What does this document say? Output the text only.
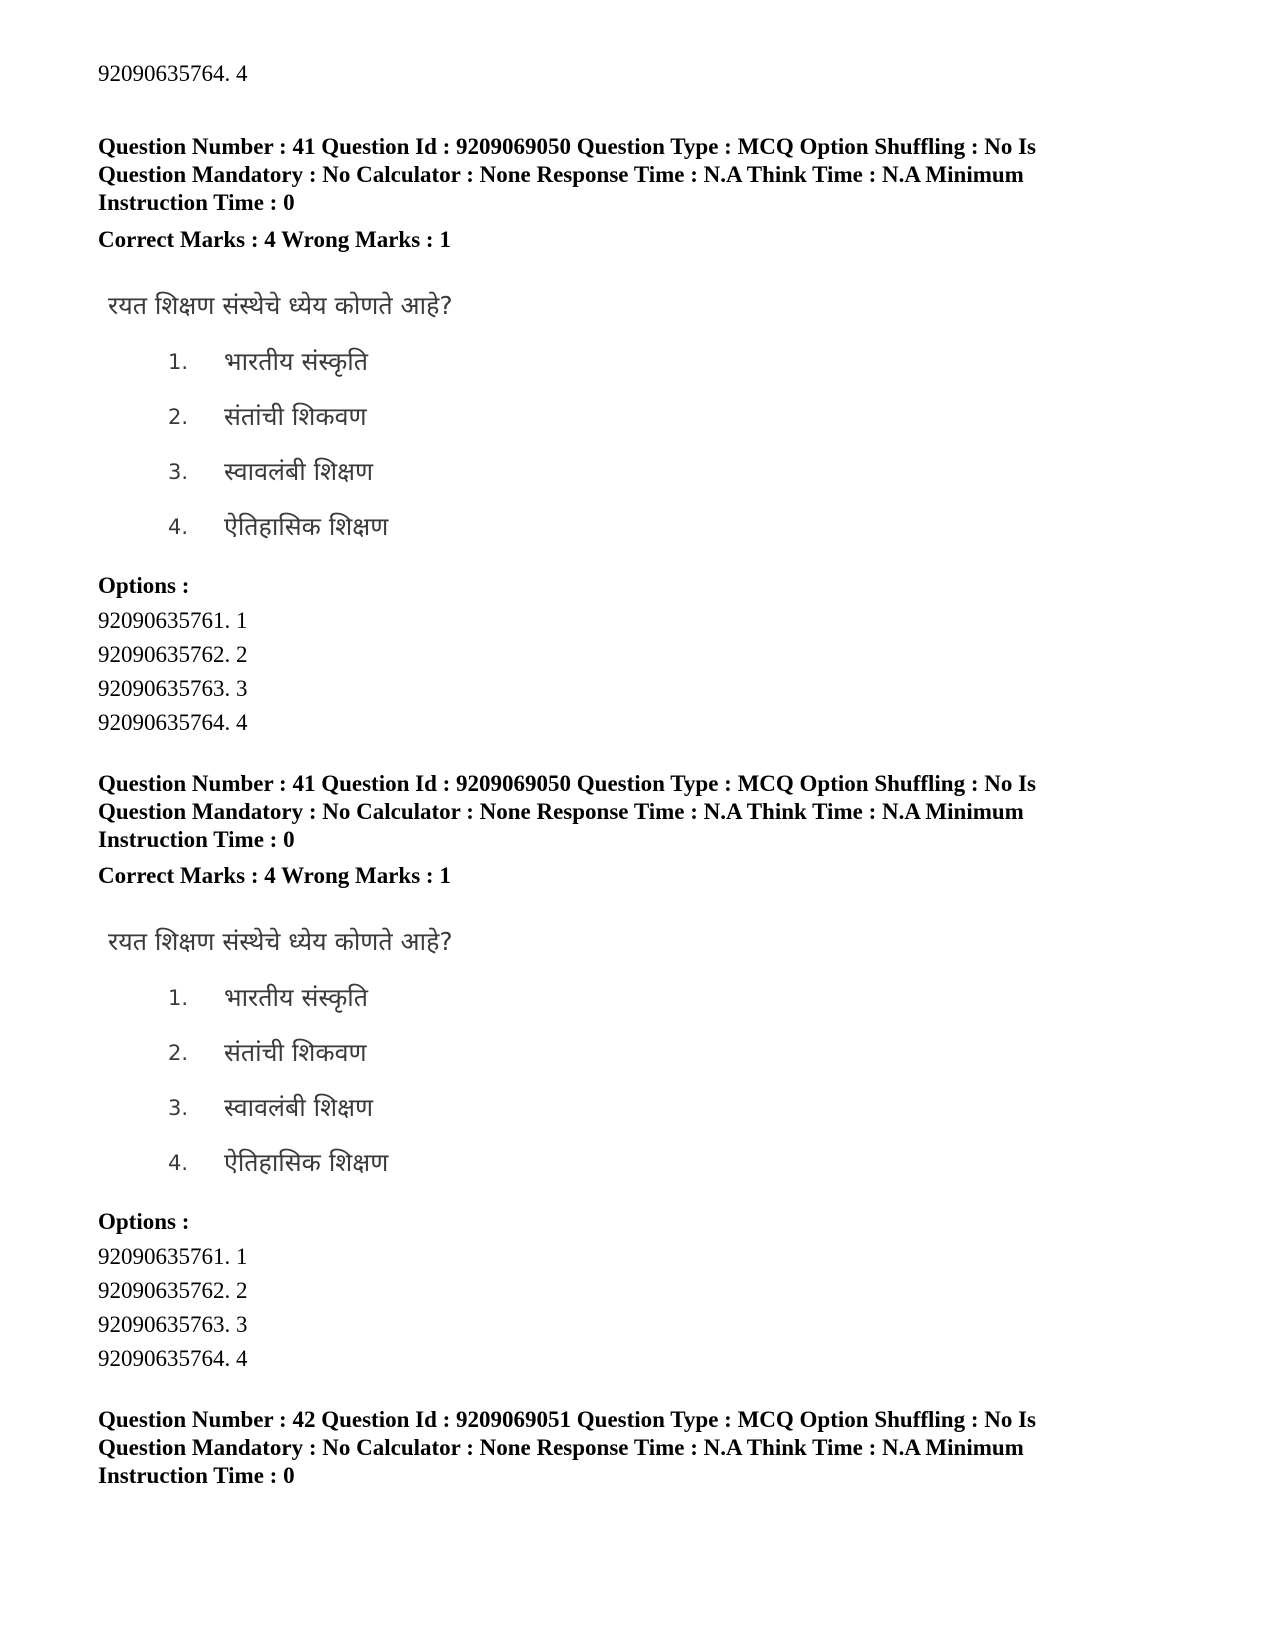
92090635764. 4
Question Number : 41 Question Id : 9209069050 Question Type : MCQ Option Shuffling : No Is
Question Mandatory : No Calculator : None Response Time : N.A Think Time : N.A Minimum
Instruction Time : 0
Correct Marks : 4 Wrong Marks : 1
रयत शिक्षण संस्थेचे ध्येय कोणते आहे?
1. भारतीय संस्कृति
2. संतांची शिकवण
3. स्वावलंबी शिक्षण
4. ऐतिहासिक शिक्षण
Options :
92090635761. 1
92090635762. 2
92090635763. 3
92090635764. 4
Question Number : 41 Question Id : 9209069050 Question Type : MCQ Option Shuffling : No Is
Question Mandatory : No Calculator : None Response Time : N.A Think Time : N.A Minimum
Instruction Time : 0
Correct Marks : 4 Wrong Marks : 1
रयत शिक्षण संस्थेचे ध्येय कोणते आहे?
1. भारतीय संस्कृति
2. संतांची शिकवण
3. स्वावलंबी शिक्षण
4. ऐतिहासिक शिक्षण
Options :
92090635761. 1
92090635762. 2
92090635763. 3
92090635764. 4
Question Number : 42 Question Id : 9209069051 Question Type : MCQ Option Shuffling : No Is
Question Mandatory : No Calculator : None Response Time : N.A Think Time : N.A Minimum
Instruction Time : 0
